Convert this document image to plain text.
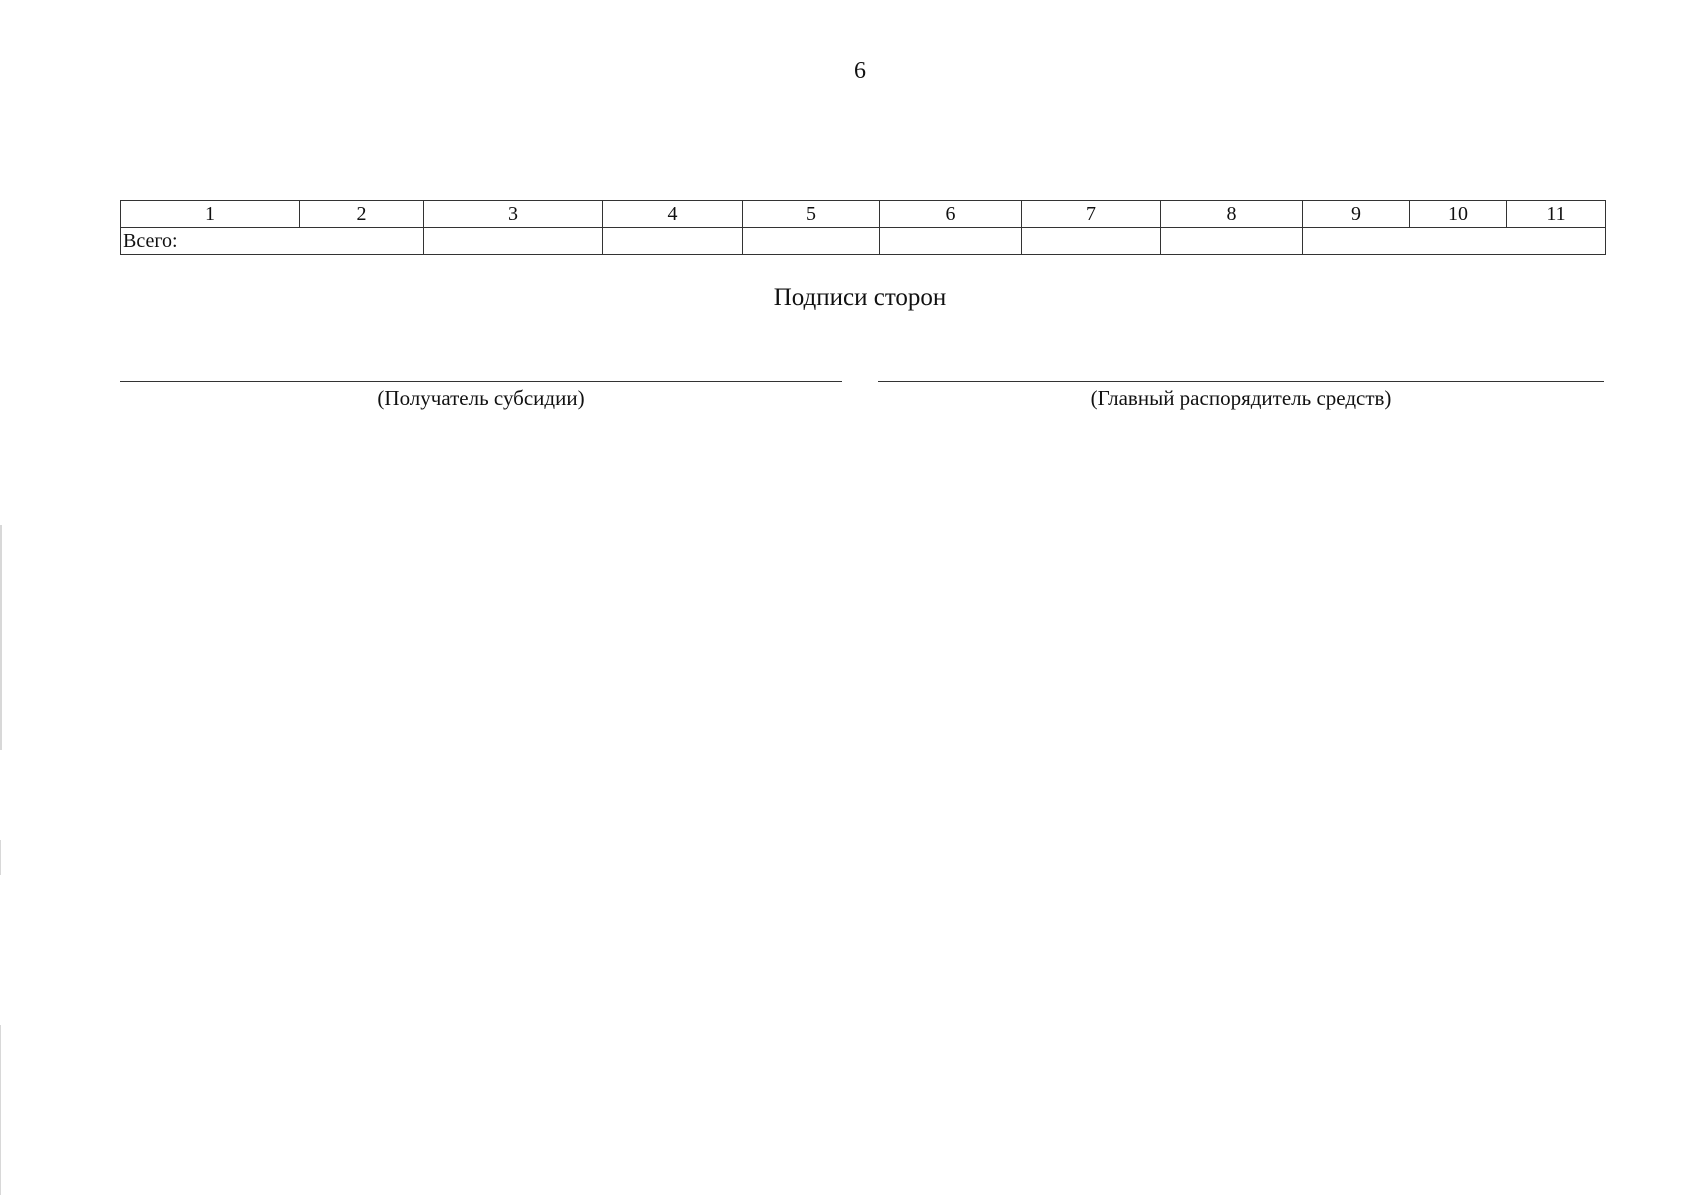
6
1	2	3	4	5	6	7	8	9	10	11
Всего:										
Подписи сторон
(Получатель субсидии)	(Главный распорядитель средств)
